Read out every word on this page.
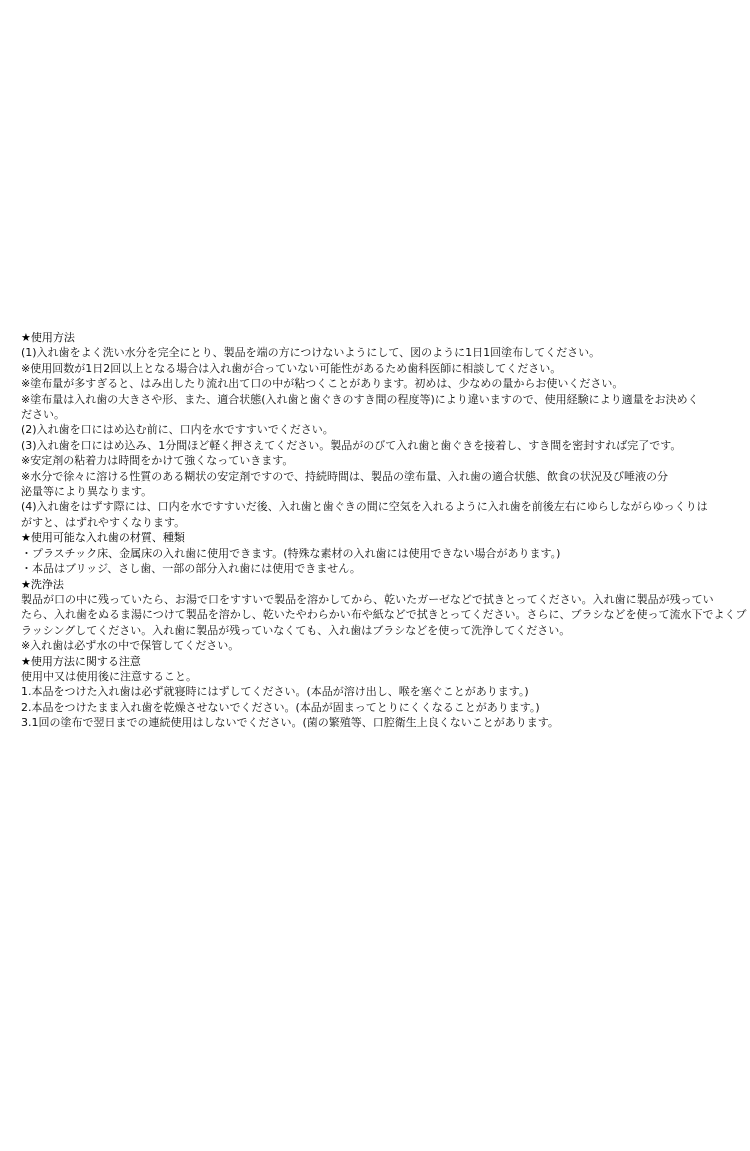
★使用方法
(1)入れ歯をよく洗い水分を完全にとり、製品を端の方につけないようにして、図のように1日1回塗布してください。
※使用回数が1日2回以上となる場合は入れ歯が合っていない可能性があるため歯科医師に相談してください。
※塗布量が多すぎると、はみ出したり流れ出て口の中が粘つくことがあります。初めは、少なめの量からお使いください。
※塗布量は入れ歯の大きさや形、また、適合状態(入れ歯と歯ぐきのすき間の程度等)により違いますので、使用経験により適量をお決めく
ださい。
(2)入れ歯を口にはめ込む前に、口内を水ですすいでください。
(3)入れ歯を口にはめ込み、1分間ほど軽く押さえてください。製品がのびて入れ歯と歯ぐきを接着し、すき間を密封すれば完了です。
※安定剤の粘着力は時間をかけて強くなっていきます。
※水分で徐々に溶ける性質のある糊状の安定剤ですので、持続時間は、製品の塗布量、入れ歯の適合状態、飲食の状況及び唾液の分
泌量等により異なります。
(4)入れ歯をはずす際には、口内を水ですすいだ後、入れ歯と歯ぐきの間に空気を入れるように入れ歯を前後左右にゆらしながらゆっくりは
がすと、はずれやすくなります。
★使用可能な入れ歯の材質、種類
・プラスチック床、金属床の入れ歯に使用できます。(特殊な素材の入れ歯には使用できない場合があります。)
・本品はブリッジ、さし歯、一部の部分入れ歯には使用できません。
★洗浄法
製品が口の中に残っていたら、お湯で口をすすいで製品を溶かしてから、乾いたガーゼなどで拭きとってください。入れ歯に製品が残ってい
たら、入れ歯をぬるま湯につけて製品を溶かし、乾いたやわらかい布や紙などで拭きとってください。さらに、ブラシなどを使って流水下でよくブ
ラッシングしてください。入れ歯に製品が残っていなくても、入れ歯はブラシなどを使って洗浄してください。
※入れ歯は必ず水の中で保管してください。
★使用方法に関する注意
使用中又は使用後に注意すること。
1.本品をつけた入れ歯は必ず就寝時にはずしてください。(本品が溶け出し、喉を塞ぐことがあります。)
2.本品をつけたまま入れ歯を乾燥させないでください。(本品が固まってとりにくくなることがあります。)
3.1回の塗布で翌日までの連続使用はしないでください。(菌の繁殖等、口腔衛生上良くないことがあります。
